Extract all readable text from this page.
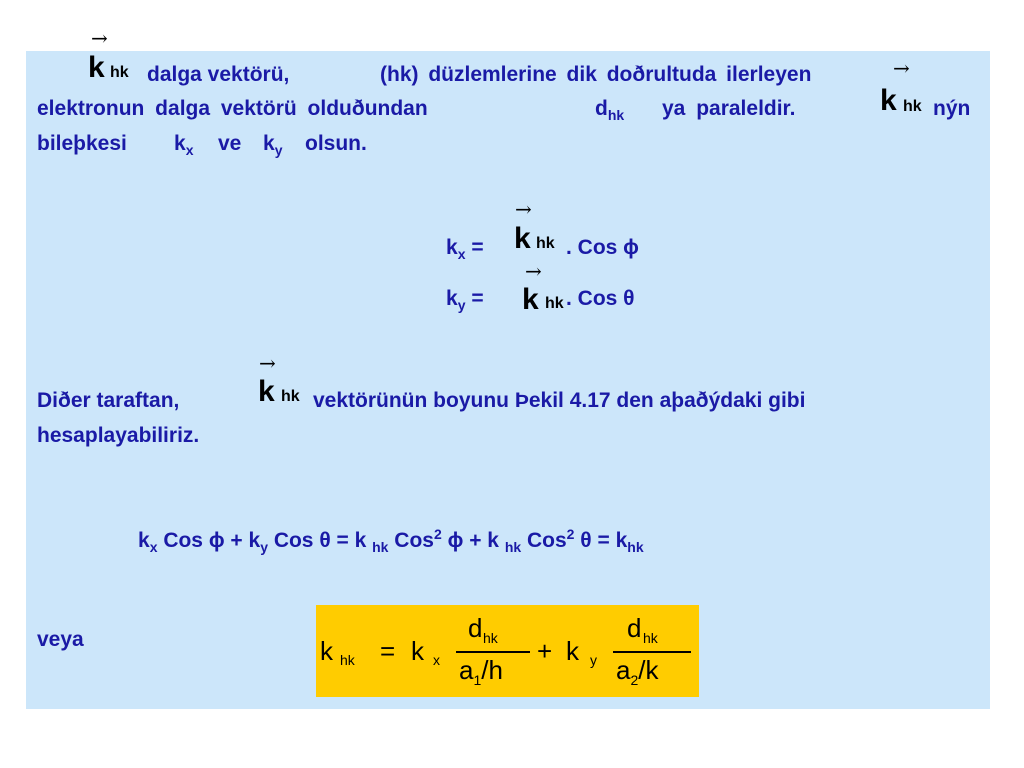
→
k hk dalga vektörü,	(hk) düzlemlerine dik doðrultuda ilerleyen	→
elektronun dalga vektörü olduðundan	$d_{hk}$ ya paraleldir.	k hk nýn
bileþkesi $k_x$ ve $k_y$ olsun.
$k_x$ =
→
k hk . Cos ϕ
$k_y$ =
→
k hk . Cos θ
Diðer taraftan,
→
k hk vektörünün boyunu Þekil 4.17 den aþaðýdaki gibi
hesaplayabiliriz.
$k_x$ Cos $\phi + k_y$ Cos θ = k $_{hk}$ Cos$^2$ ϕ + k $_{hk}$ Cos$^2$ $\theta = k_{hk}$
veya	k hk = k x
d hk
$a_1/h$
+ k y
d hk
$a_2/k$
